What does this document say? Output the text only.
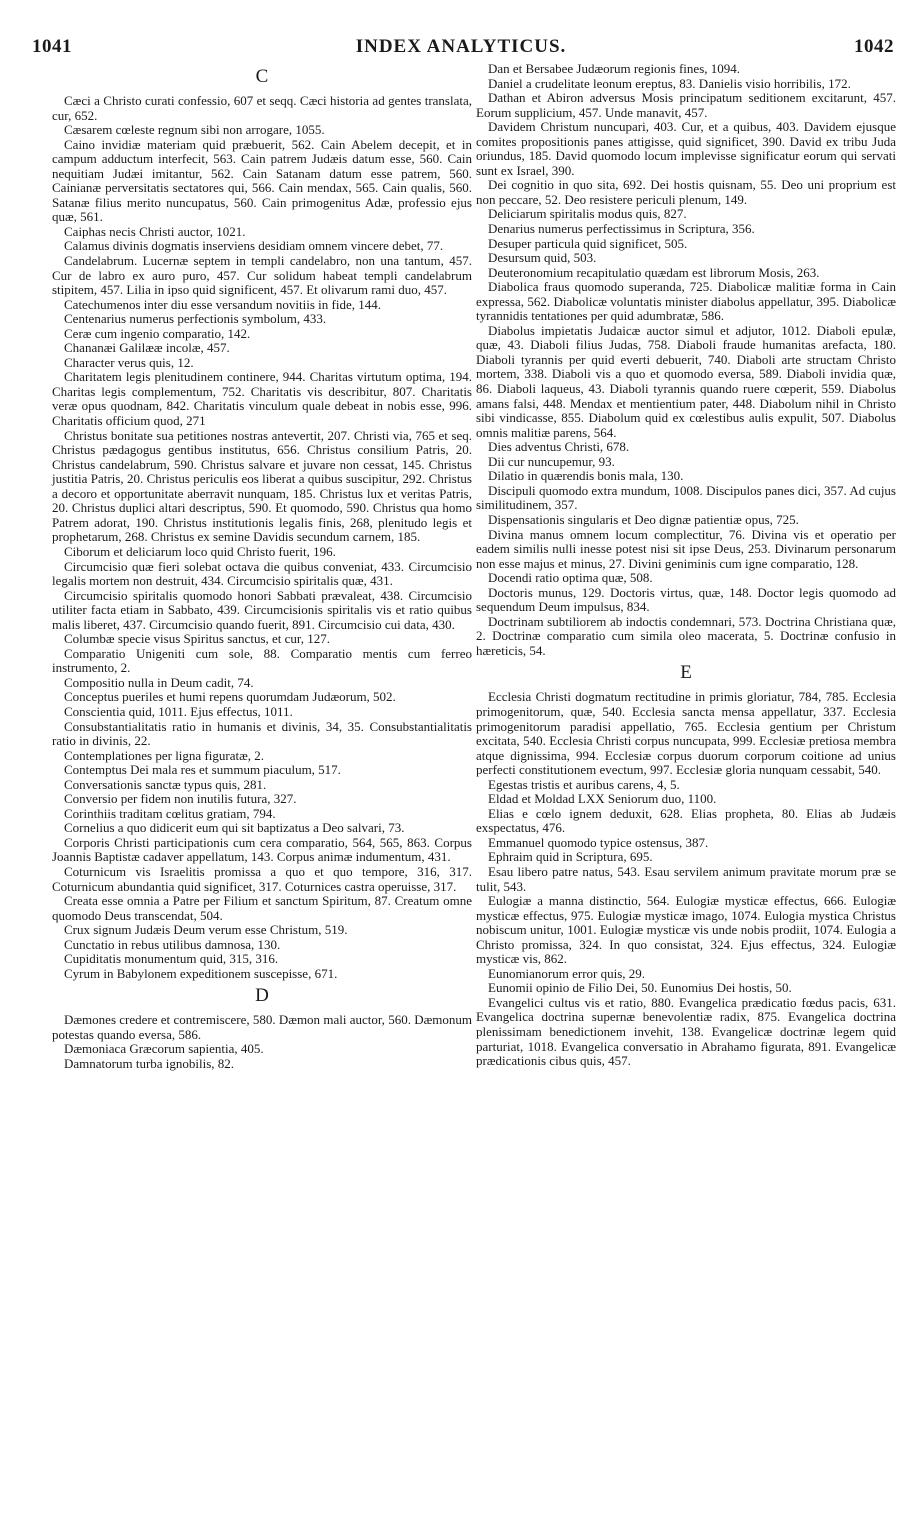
1041	INDEX ANALYTICUS.	1042
C

Cæci a Christo curati confessio, 607 et seqq. Cæci historia ad gentes translata, cur, 652.

Cæsarem cœleste regnum sibi non arrogare, 1055.

Caino invidiæ materiam quid præbuerit, 562. Cain Abelem decepit, et in campum adductum interfecit, 563. Cain patrem Judæis datum esse, 560. Cain nequitiam Judæi imitantur, 562. Cain Satanam datum esse patrem, 560. Cainianæ perversitatis sectatores qui, 566. Cain mendax, 565. Cain qualis, 560. Satanæ filius merito nuncupatus, 560. Cain primogenitus Adæ, professio ejus quæ, 561.

Caiphas necis Christi auctor, 1021.

Calamus divinis dogmatis inserviens desidiam omnem vincere debet, 77.

Candelabrum. Lucernæ septem in templi candelabro, non una tantum, 457. Cur de labro ex auro puro, 457. Cur solidum habeat templi candelabrum stipitem, 457. Lilia in ipso quid significent, 457. Et olivarum rami duo, 457.

Catechumenos inter diu esse versandum novitiis in fide, 144.

Centenarius numerus perfectionis symbolum, 433.

Ceræ cum ingenio comparatio, 142.

Chananæi Galilææ incolæ, 457.

Character verus quis, 12.

Charitatem legis plenitudinem continere, 944. Charitas virtutum optima, 194. Charitas legis complementum, 752. Charitatis vis describitur, 807. Charitatis veræ opus quodnam, 842. Charitatis vinculum quale debeat in nobis esse, 996. Charitatis officium quod, 271

Christus bonitate sua petitiones nostras antevertit, 207. Christi via, 765 et seq. Christus pædagogus gentibus institutus, 656. Christus consilium Patris, 20. Christus candelabrum, 590. Christus salvare et juvare non cessat, 145. Christus justitia Patris, 20. Christus periculis eos liberat a quibus suscipitur, 292. Christus a decoro et opportunitate aberravit nunquam, 185. Christus lux et veritas Patris, 20. Christus duplici altari descriptus, 590. Et quomodo, 590. Christus qua homo Patrem adorat, 190. Christus institutionis legalis finis, 268, plenitudo legis et prophetarum, 268. Christus ex semine Davidis secundum carnem, 185.

Ciborum et deliciarum loco quid Christo fuerit, 196.

Circumcisio quæ fieri solebat octava die quibus conveniat, 433. Circumcisio legalis mortem non destruit, 434. Circumcisio spiritalis quæ, 431.

Circumcisio spiritalis quomodo honori Sabbati prævaleat, 438. Circumcisio utiliter facta etiam in Sabbato, 439. Circumcisionis spiritalis vis et ratio quibus malis liberet, 437. Circumcisio quando fuerit, 891. Circumcisio cui data, 430.

Columbæ specie visus Spiritus sanctus, et cur, 127.

Comparatio Unigeniti cum sole, 88. Comparatio mentis cum ferreo instrumento, 2.

Compositio nulla in Deum cadit, 74.

Conceptus pueriles et humi repens quorumdam Judæorum, 502.

Conscientia quid, 1011. Ejus effectus, 1011.

Consubstantialitatis ratio in humanis et divinis, 34, 35. Consubstantialitatis ratio in divinis, 22.

Contemplationes per ligna figuratæ, 2.

Contemptus Dei mala res et summum piaculum, 517.

Conversationis sanctæ typus quis, 281.

Conversio per fidem non inutilis futura, 327.

Corinthiis traditam cœlitus gratiam, 794.

Cornelius a quo didicerit eum qui sit baptizatus a Deo salvari, 73.

Corporis Christi participationis cum cera comparatio, 564, 565, 863. Corpus Joannis Baptistæ cadaver appellatum, 143. Corpus animæ indumentum, 431.

Coturnicum vis Israelitis promissa a quo et quo tempore, 316, 317. Coturnicum abundantia quid significet, 317. Coturnices castra operuisse, 317.

Creata esse omnia a Patre per Filium et sanctum Spiritum, 87. Creatum omne quomodo Deus transcendat, 504.

Crux signum Judæis Deum verum esse Christum, 519.

Cunctatio in rebus utilibus damnosa, 130.

Cupiditatis monumentum quid, 315, 316.

Cyrum in Babylonem expeditionem suscepisse, 671.

D

Dæmones credere et contremiscere, 580. Dæmon mali auctor, 560. Dæmonum potestas quando eversa, 586.

Dæmoniaca Græcorum sapientia, 405.

Damnatorum turba ignobilis, 82.

Dan et Bersabee Judæorum regionis fines, 1094.

Daniel a crudelitate leonum ereptus, 83. Danielis visio horribilis, 172.

Dathan et Abiron adversus Mosis principatum seditionem excitarunt, 457. Eorum supplicium, 457. Unde manavit, 457.

Davidem Christum nuncupari, 403. Cur, et a quibus, 403. Davidem ejusque comites propositionis panes attigisse, quid significet, 390. David ex tribu Juda oriundus, 185. David quomodo locum implevisse significatur eorum qui servati sunt ex Israel, 390.

Dei cognitio in quo sita, 692. Dei hostis quisnam, 55. Deo uni proprium est non peccare, 52. Deo resistere periculi plenum, 149.

Deliciarum spiritalis modus quis, 827.

Denarius numerus perfectissimus in Scriptura, 356.

Desuper particula quid significet, 505.

Desursum quid, 503.

Deuteronomium recapitulatio quædam est librorum Mosis, 263.

Diabolica fraus quomodo superanda, 725. Diabolicæ malitiæ forma in Cain expressa, 562. Diabolicæ voluntatis minister diabolus appellatur, 395. Diabolicæ tyrannidis tentationes per quid adumbratæ, 586.

Diabolus impietatis Judaicæ auctor simul et adjutor, 1012. Diaboli epulæ, quæ, 43. Diaboli filius Judas, 758. Diaboli fraude humanitas arefacta, 180. Diaboli tyrannis per quid everti debuerit, 740. Diaboli arte structam Christo mortem, 338. Diaboli vis a quo et quomodo eversa, 589. Diaboli invidia quæ, 86. Diaboli laqueus, 43. Diaboli tyrannis quando ruere cœperit, 559. Diabolus amans falsi, 448. Mendax et mentientium pater, 448. Diabolum nihil in Christo sibi vindicasse, 855. Diabolum quid ex cœlestibus aulis expulit, 507. Diabolus omnis malitiæ parens, 564.

Dies adventus Christi, 678.

Dii cur nuncupemur, 93.

Dilatio in quærendis bonis mala, 130.

Discipuli quomodo extra mundum, 1008. Discipulos panes dici, 357. Ad cujus similitudinem, 357.

Dispensationis singularis et Deo dignæ patientiæ opus, 725.

Divina manus omnem locum complectitur, 76. Divina vis et operatio per eadem similis nulli inesse potest nisi sit ipse Deus, 253. Divinarum personarum non esse majus et minus, 27. Divini geniminis cum igne comparatio, 128.

Docendi ratio optima quæ, 508.

Doctoris munus, 129. Doctoris virtus, quæ, 148. Doctor legis quomodo ad sequendum Deum impulsus, 834.

Doctrinam subtiliorem ab indoctis condemnari, 573. Doctrina Christiana quæ, 2. Doctrinæ comparatio cum simila oleo macerata, 5. Doctrinæ confusio in hæreticis, 54.

E

Ecclesia Christi dogmatum rectitudine in primis gloriatur, 784, 785. Ecclesia primogenitorum, quæ, 540. Ecclesia sancta mensa appellatur, 337. Ecclesia primogenitorum paradisi appellatio, 765. Ecclesia gentium per Christum excitata, 540. Ecclesia Christi corpus nuncupata, 999. Ecclesiæ pretiosa membra atque dignissima, 994. Ecclesiæ corpus duorum corporum coitione ad unius perfecti constitutionem evectum, 997. Ecclesiæ gloria nunquam cessabit, 540.

Egestas tristis et auribus carens, 4, 5.

Eldad et Moldad LXX Seniorum duo, 1100.

Elias e cœlo ignem deduxit, 628. Elias propheta, 80. Elias ab Judæis exspectatus, 476.

Emmanuel quomodo typice ostensus, 387.

Ephraim quid in Scriptura, 695.

Esau libero patre natus, 543. Esau servilem animum pravitate morum præ se tulit, 543.

Eulogiæ a manna distinctio, 564. Eulogiæ mysticæ effectus, 666. Eulogiæ mysticæ effectus, 975. Eulogiæ mysticæ imago, 1074. Eulogia mystica Christus nobiscum unitur, 1001. Eulogiæ mysticæ vis unde nobis prodiit, 1074. Eulogia a Christo promissa, 324. In quo consistat, 324. Ejus effectus, 324. Eulogiæ mysticæ vis, 862.

Eunomianorum error quis, 29.

Eunomii opinio de Filio Dei, 50. Eunomius Dei hostis, 50.

Evangelici cultus vis et ratio, 880. Evangelica prædicatio fœdus pacis, 631. Evangelica doctrina supernæ benevolentiæ radix, 875. Evangelica doctrina plenissimam benedictionem invehit, 138. Evangelicæ doctrinæ legem quid parturiat, 1018. Evangelica conversatio in Abrahamo figurata, 891. Evangelicæ prædicationis cibus quis, 457.
